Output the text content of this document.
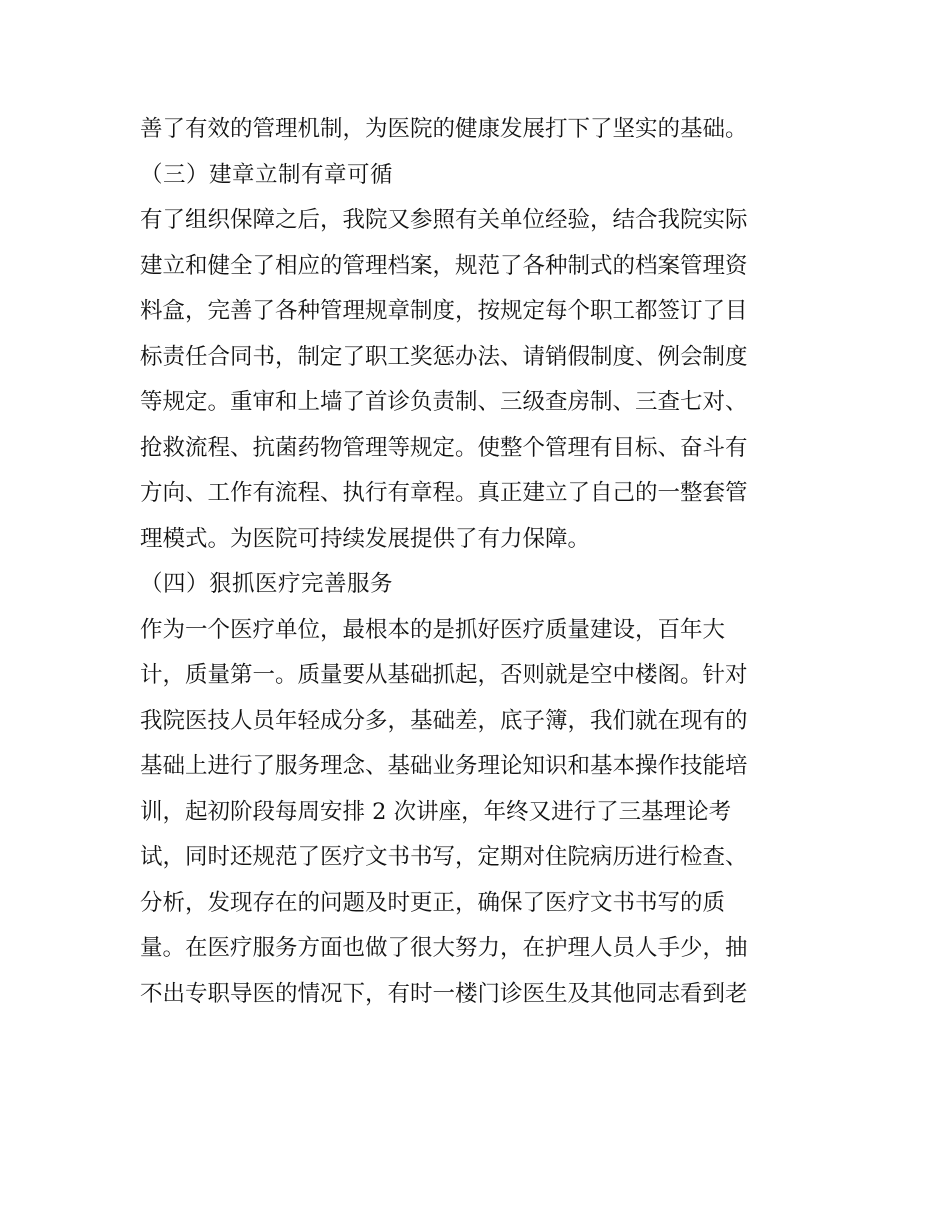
善了有效的管理机制，为医院的健康发展打下了坚实的基础。
（三）建章立制有章可循
有了组织保障之后，我院又参照有关单位经验，结合我院实际
建立和健全了相应的管理档案，规范了各种制式的档案管理资
料盒，完善了各种管理规章制度，按规定每个职工都签订了目
标责任合同书，制定了职工奖惩办法、请销假制度、例会制度
等规定。重审和上墙了首诊负责制、三级查房制、三查七对、
抢救流程、抗菌药物管理等规定。使整个管理有目标、奋斗有
方向、工作有流程、执行有章程。真正建立了自己的一整套管
理模式。为医院可持续发展提供了有力保障。
（四）狠抓医疗完善服务
作为一个医疗单位，最根本的是抓好医疗质量建设，百年大
计，质量第一。质量要从基础抓起，否则就是空中楼阁。针对
我院医技人员年轻成分多，基础差，底子簿，我们就在现有的
基础上进行了服务理念、基础业务理论知识和基本操作技能培
训，起初阶段每周安排 2 次讲座，年终又进行了三基理论考
试，同时还规范了医疗文书书写，定期对住院病历进行检查、
分析，发现存在的问题及时更正，确保了医疗文书书写的质
量。在医疗服务方面也做了很大努力，在护理人员人手少，抽
不出专职导医的情况下，有时一楼门诊医生及其他同志看到老
